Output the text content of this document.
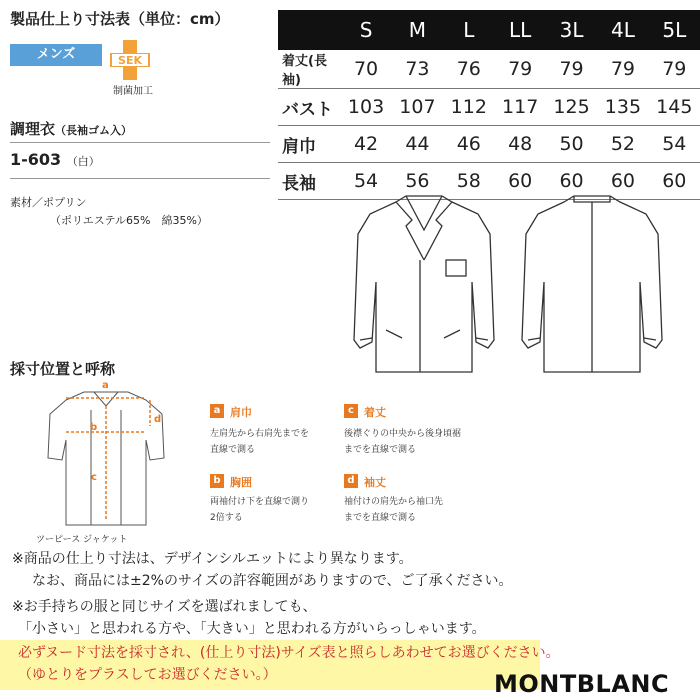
製品仕上り寸法表（単位：cm）
メンズ	SEK
制菌加工
調理衣（長袖ゴム入）
1-603 （白）
素材／ポプリン
（ポリエステル65%　綿35%）
	S	M	L	LL	3L	4L	5L
着丈(長袖)	70	73	76	79	79	79	79
バスト	103	107	112	117	125	135	145
肩巾	42	44	46	48	50	52	54
長袖	54	56	58	60	60	60	60
採寸位置と呼称
a
b
c
d
ツーピース ジャケット
a 肩巾
左肩先から右肩先までを
直線で測る
b 胸囲
両袖付け下を直線で測り
2倍する
c 着丈
後襟ぐりの中央から後身頃裾
までを直線で測る
d 袖丈
袖付けの肩先から袖口先
までを直線で測る
※商品の仕上り寸法は、デザインシルエットにより異なります。
なお、商品には±2%のサイズの許容範囲がありますので、ご了承ください。
※お手持ちの服と同じサイズを選ばれましても、
「小さい」と思われる方や、「大きい」と思われる方がいらっしゃいます。
必ずヌード寸法を採寸され、(仕上り寸法)サイズ表と照らしあわせてお選びください。
（ゆとりをプラスしてお選びください。）	MONTBLANC
